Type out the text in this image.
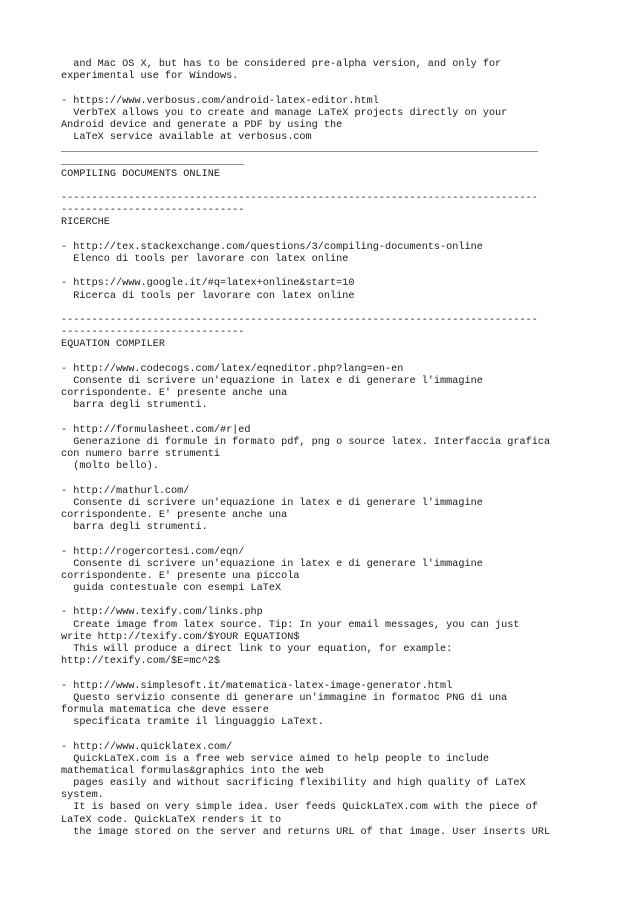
and Mac OS X, but has to be considered pre-alpha version, and only for
experimental use for Windows.
- https://www.verbosus.com/android-latex-editor.html
VerbTeX allows you to create and manage LaTeX projects directly on your
Android device and generate a PDF by using the
LaTeX service available at verbosus.com
______________________________________________________________________________
______________________________
COMPILING DOCUMENTS ONLINE
------------------------------------------------------------------------------
------------------------------
RICERCHE
- http://tex.stackexchange.com/questions/3/compiling-documents-online
Elenco di tools per lavorare con latex online
- https://www.google.it/#q=latex+online&start=10
Ricerca di tools per lavorare con latex online
------------------------------------------------------------------------------
------------------------------
EQUATION COMPILER
- http://www.codecogs.com/latex/eqneditor.php?lang=en-en
Consente di scrivere un'equazione in latex e di generare l'immagine
corrispondente. E' presente anche una
barra degli strumenti.
- http://formulasheet.com/#r|ed
Generazione di formule in formato pdf, png o source latex. Interfaccia grafica
con numero barre strumenti
(molto bello).
- http://mathurl.com/
Consente di scrivere un'equazione in latex e di generare l'immagine
corrispondente. E' presente anche una
barra degli strumenti.
- http://rogercortesi.com/eqn/
Consente di scrivere un'equazione in latex e di generare l'immagine
corrispondente. E' presente una piccola
guida contestuale con esempi LaTeX
- http://www.texify.com/links.php
Create image from latex source. Tip: In your email messages, you can just
write http://texify.com/$YOUR EQUATION$
This will produce a direct link to your equation, for example:
http://texify.com/$E=mc^2$
- http://www.simplesoft.it/matematica-latex-image-generator.html
Questo servizio consente di generare un'immagine in formatoc PNG di una
formula matematica che deve essere
specificata tramite il linguaggio LaText.
- http://www.quicklatex.com/
QuickLaTeX.com is a free web service aimed to help people to include
mathematical formulas&graphics into the web
pages easily and without sacrificing flexibility and high quality of LaTeX
system.
It is based on very simple idea. User feeds QuickLaTeX.com with the piece of
LaTeX code. QuickLaTeX renders it to
the image stored on the server and returns URL of that image. User inserts URL
